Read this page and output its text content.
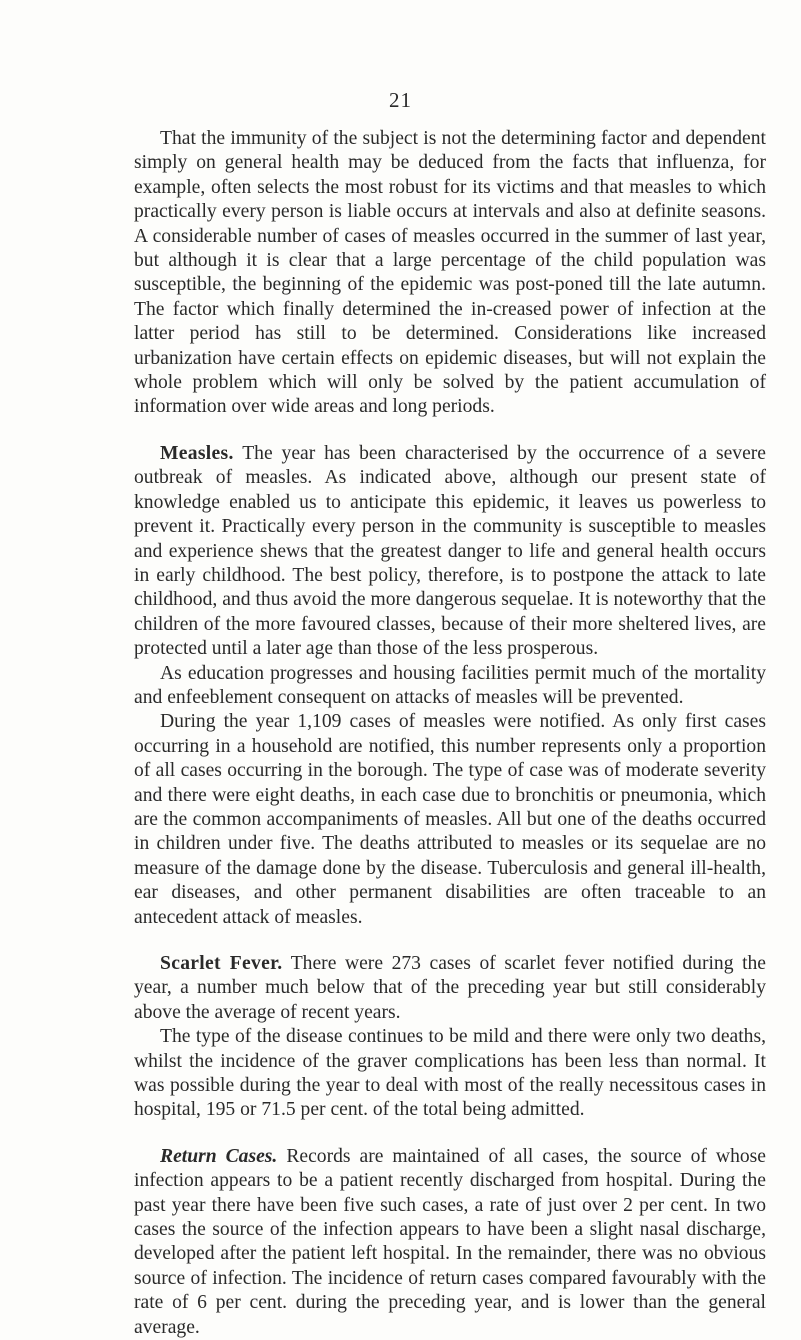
21

That the immunity of the subject is not the determining factor and dependent simply on general health may be deduced from the facts that influenza, for example, often selects the most robust for its victims and that measles to which practically every person is liable occurs at intervals and also at definite seasons. A considerable number of cases of measles occurred in the summer of last year, but although it is clear that a large percentage of the child population was susceptible, the beginning of the epidemic was post-poned till the late autumn. The factor which finally determined the in-creased power of infection at the latter period has still to be determined. Considerations like increased urbanization have certain effects on epidemic diseases, but will not explain the whole problem which will only be solved by the patient accumulation of information over wide areas and long periods.

Measles. The year has been characterised by the occurrence of a severe outbreak of measles. As indicated above, although our present state of knowledge enabled us to anticipate this epidemic, it leaves us powerless to prevent it. Practically every person in the community is susceptible to measles and experience shews that the greatest danger to life and general health occurs in early childhood. The best policy, therefore, is to postpone the attack to late childhood, and thus avoid the more dangerous sequelae. It is noteworthy that the children of the more favoured classes, because of their more sheltered lives, are protected until a later age than those of the less prosperous.

As education progresses and housing facilities permit much of the mortality and enfeeblement consequent on attacks of measles will be prevented.

During the year 1,109 cases of measles were notified. As only first cases occurring in a household are notified, this number represents only a proportion of all cases occurring in the borough. The type of case was of moderate severity and there were eight deaths, in each case due to bronchitis or pneumonia, which are the common accompaniments of measles. All but one of the deaths occurred in children under five. The deaths attributed to measles or its sequelae are no measure of the damage done by the disease. Tuberculosis and general ill-health, ear diseases, and other permanent disabilities are often traceable to an antecedent attack of measles.

Scarlet Fever. There were 273 cases of scarlet fever notified during the year, a number much below that of the preceding year but still considerably above the average of recent years.

The type of the disease continues to be mild and there were only two deaths, whilst the incidence of the graver complications has been less than normal. It was possible during the year to deal with most of the really necessitous cases in hospital, 195 or 71.5 per cent. of the total being admitted.

Return Cases. Records are maintained of all cases, the source of whose infection appears to be a patient recently discharged from hospital. During the past year there have been five such cases, a rate of just over 2 per cent. In two cases the source of the infection appears to have been a slight nasal discharge, developed after the patient left hospital. In the remainder, there was no obvious source of infection. The incidence of return cases compared favourably with the rate of 6 per cent. during the preceding year, and is lower than the general average.
